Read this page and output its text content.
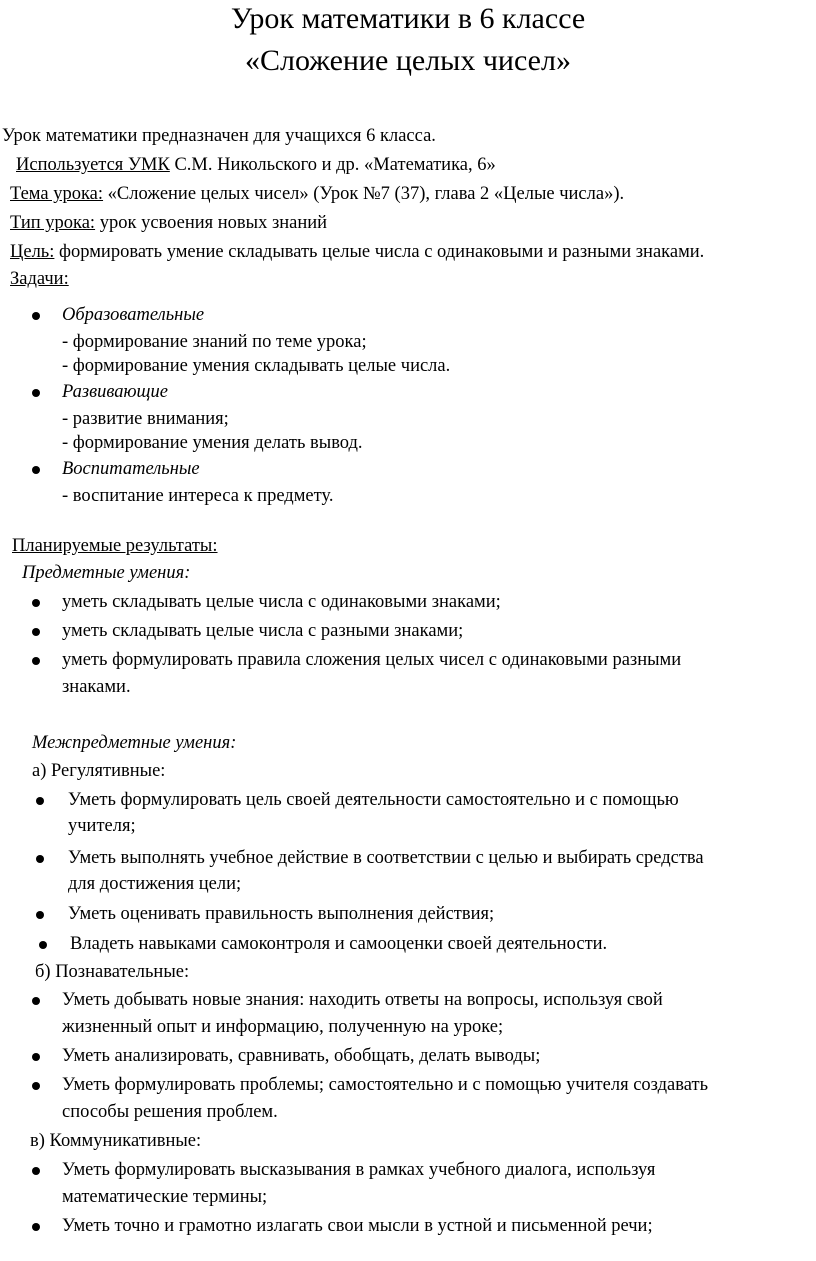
Урок математики в 6 классе
«Сложение целых чисел»
Урок математики предназначен для учащихся 6 класса.
Используется УМК С.М. Никольского и др. «Математика, 6»
Тема урока: «Сложение целых чисел» (Урок №7 (37), глава 2 «Целые числа»).
Тип урока: урок усвоения новых знаний
Цель: формировать умение складывать целые числа с одинаковыми и разными знаками.
Задачи:
Образовательные
- формирование знаний по теме урока;
- формирование умения складывать целые числа.
Развивающие
- развитие внимания;
- формирование умения делать вывод.
Воспитательные
- воспитание интереса к предмету.
Планируемые результаты:
Предметные умения:
уметь складывать целые числа с одинаковыми знаками;
уметь складывать целые числа с разными знаками;
уметь формулировать правила сложения целых чисел с одинаковыми разными
знаками.
Межпредметные умения:
а) Регулятивные:
Уметь формулировать цель своей деятельности самостоятельно и с помощью
учителя;
Уметь выполнять учебное действие в соответствии с целью и выбирать средства
для достижения цели;
Уметь оценивать правильность выполнения действия;
Владеть навыками самоконтроля и самооценки своей деятельности.
б) Познавательные:
Уметь добывать новые знания: находить ответы на вопросы, используя свой
жизненный опыт и информацию, полученную на уроке;
Уметь анализировать, сравнивать, обобщать, делать выводы;
Уметь формулировать проблемы; самостоятельно и с помощью учителя создавать
способы решения проблем.
в) Коммуникативные:
Уметь формулировать высказывания в рамках учебного диалога, используя
математические термины;
Уметь точно и грамотно излагать свои мысли в устной и письменной речи;
